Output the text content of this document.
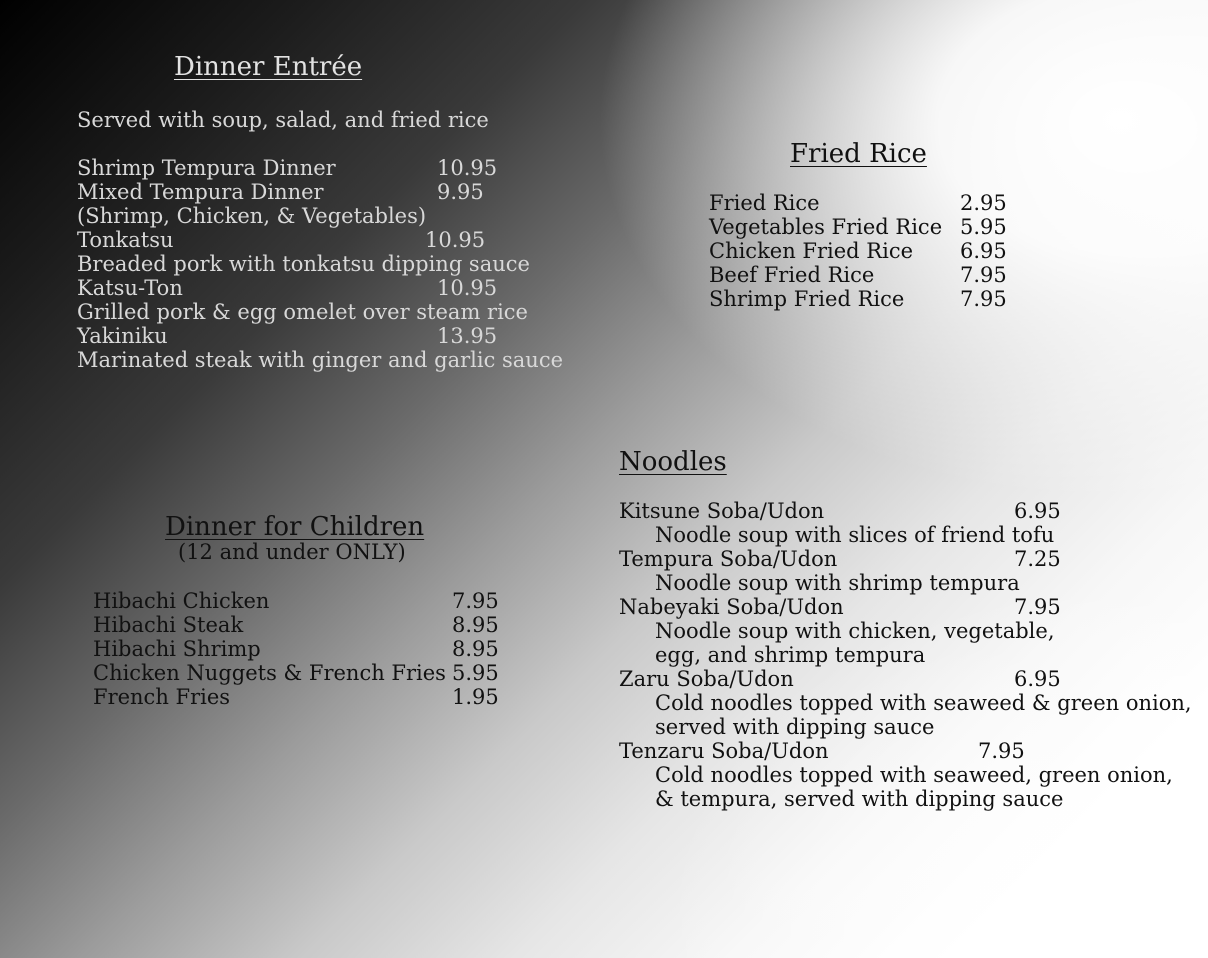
Dinner Entrée
Served with soup, salad, and fried rice
Shrimp Tempura Dinner	10.95
Mixed Tempura Dinner	9.95
(Shrimp, Chicken, & Vegetables)
Tonkatsu	10.95
Breaded pork with tonkatsu dipping sauce
Katsu-Ton	10.95
Grilled pork & egg omelet over steam rice
Yakiniku	13.95
Marinated steak with ginger and garlic sauce
Fried Rice
Fried Rice	2.95
Vegetables Fried Rice 5.95
Chicken Fried Rice 6.95
Beef Fried Rice	7.95
Shrimp Fried Rice	7.95
Dinner for Children
(12 and under ONLY)
Hibachi Chicken	7.95
Hibachi Steak	8.95
Hibachi Shrimp	8.95
Chicken Nuggets & French Fries 5.95
French Fries	1.95
Noodles
Kitsune Soba/Udon	6.95
Noodle soup with slices of friend tofu
Tempura Soba/Udon	7.25
Noodle soup with shrimp tempura
Nabeyaki Soba/Udon	7.95
Noodle soup with chicken, vegetable,
egg, and shrimp tempura
Zaru Soba/Udon	6.95
Cold noodles topped with seaweed & green onion,
served with dipping sauce
Tenzaru Soba/Udon	7.95
Cold noodles topped with seaweed, green onion,
& tempura, served with dipping sauce
